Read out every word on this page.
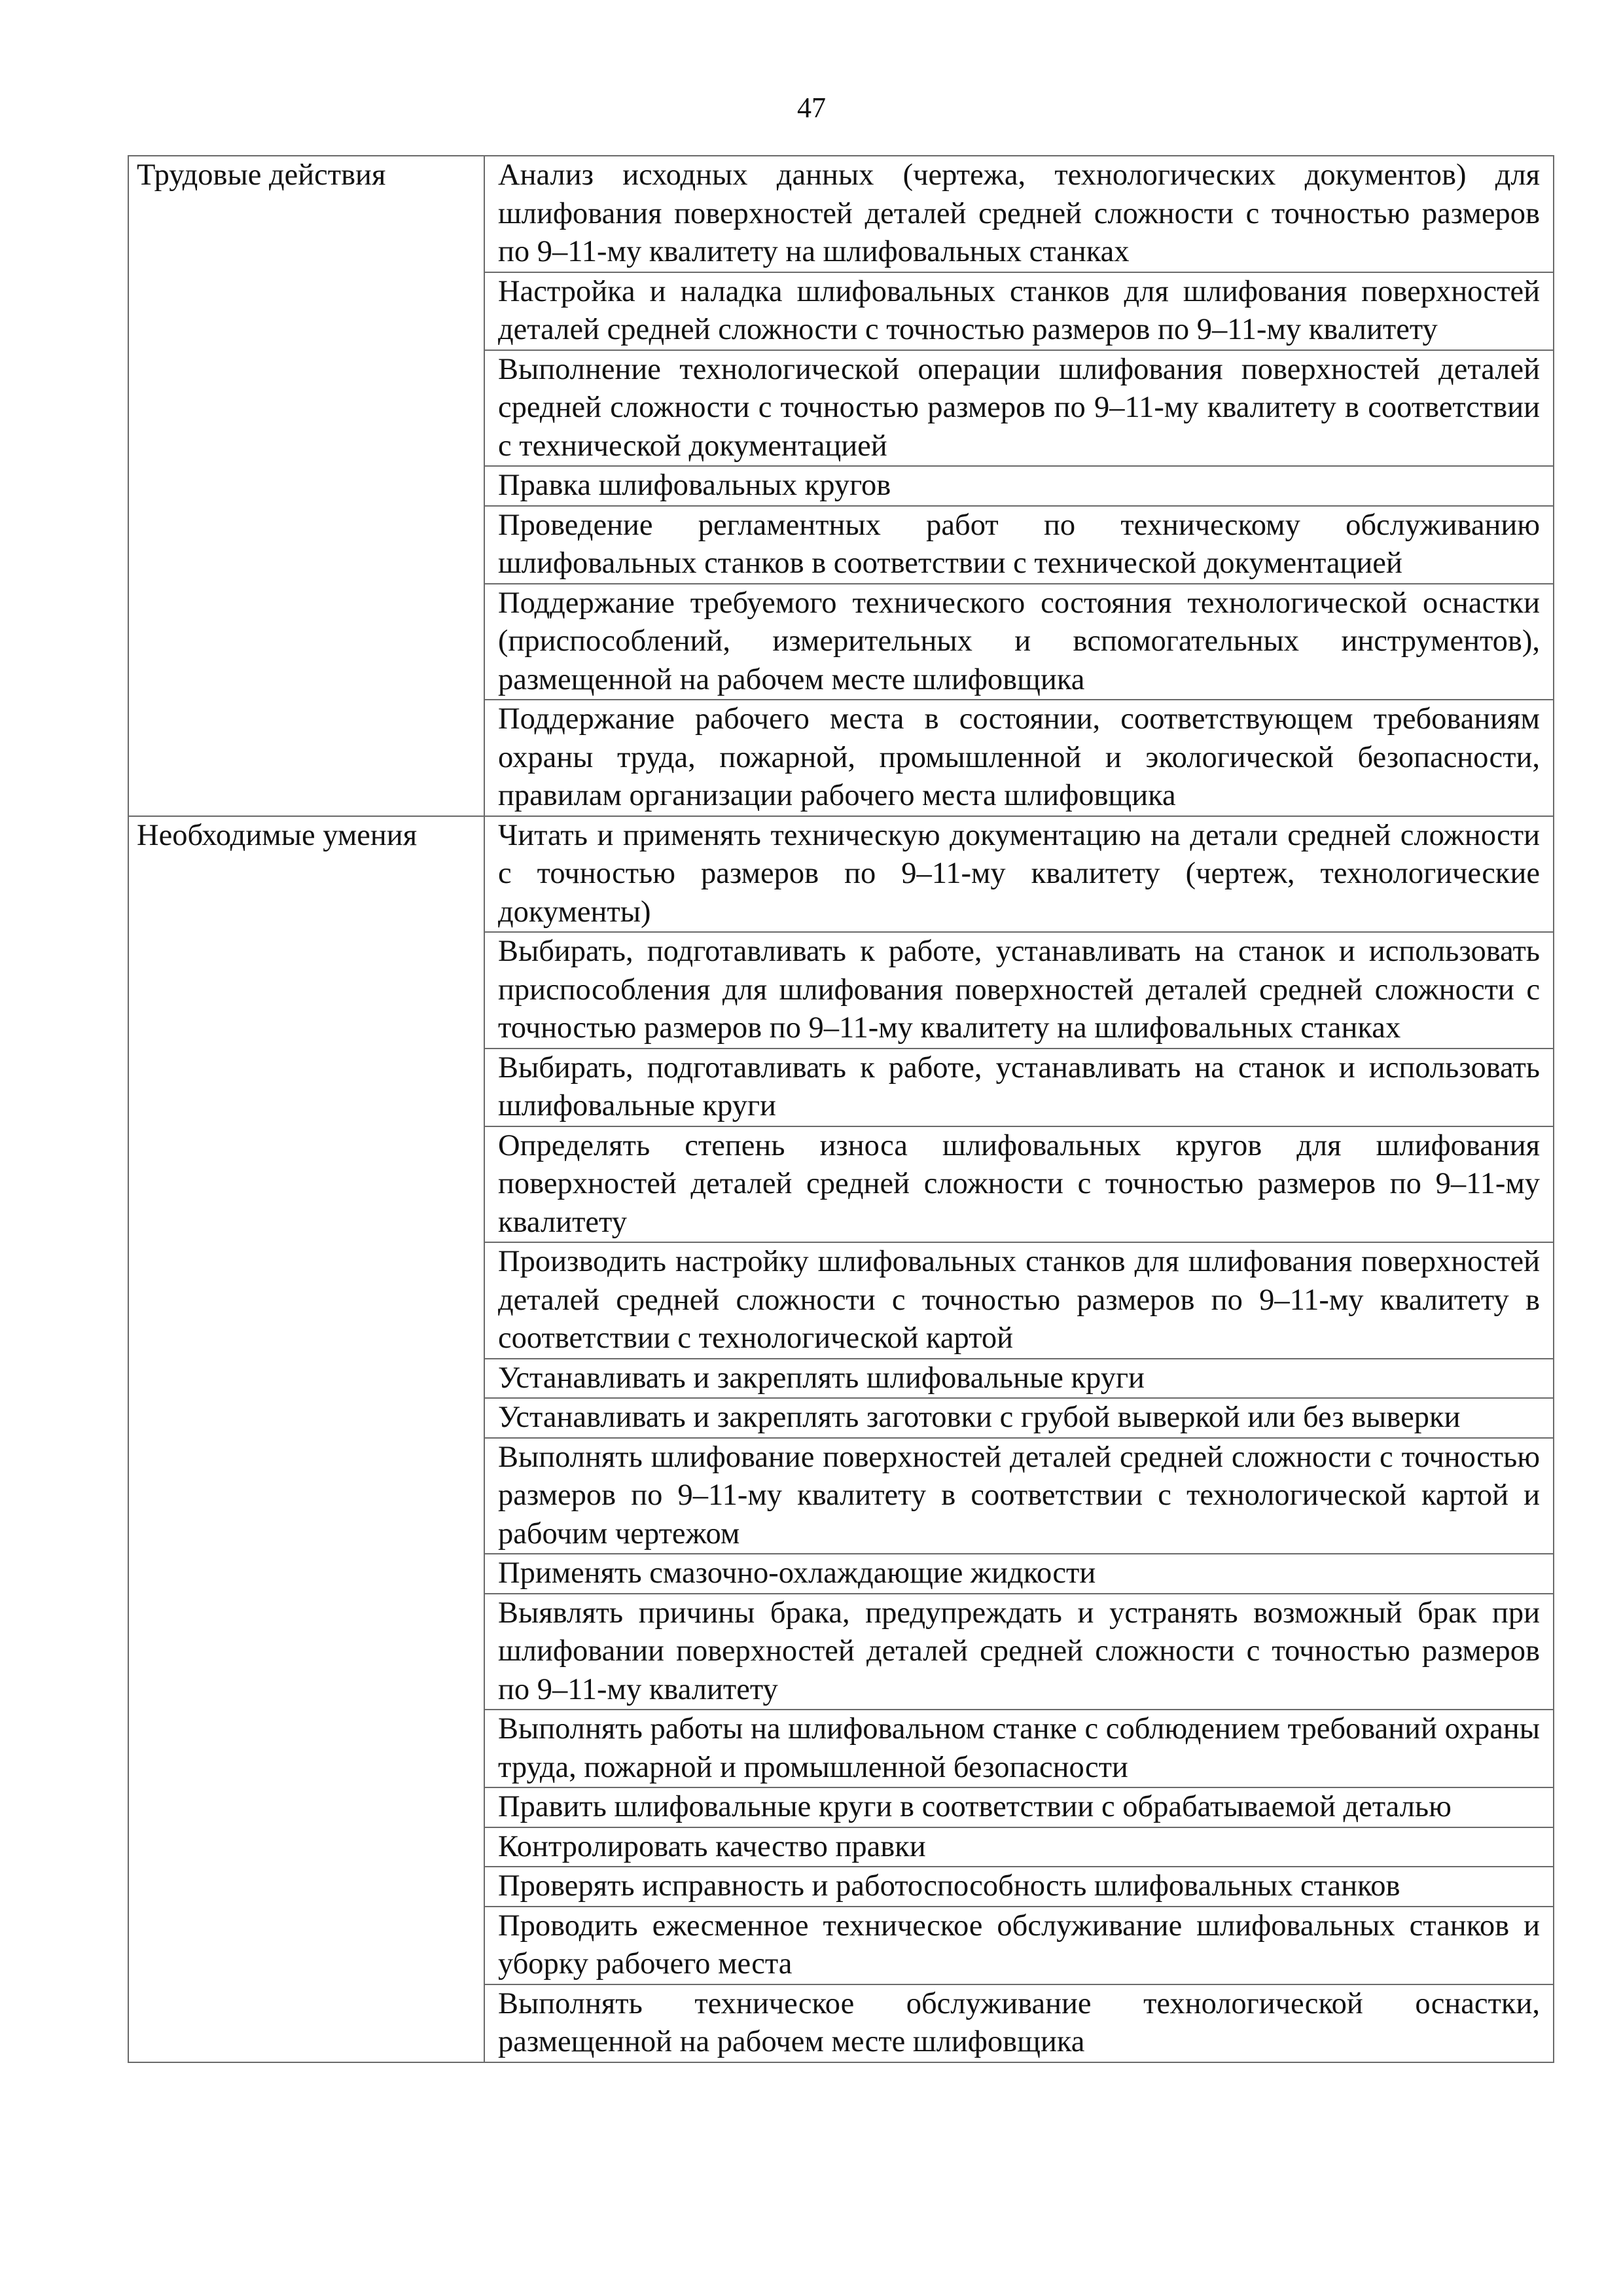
47
Трудовые действия	Анализ исходных данных (чертежа, технологических документов) для шлифования поверхностей деталей средней сложности с точностью размеров по 9–11-му квалитету на шлифовальных станках
	Настройка и наладка шлифовальных станков для шлифования поверхностей деталей средней сложности с точностью размеров по 9–11-му квалитету
	Выполнение технологической операции шлифования поверхностей деталей средней сложности с точностью размеров по 9–11-му квалитету в соответствии с технической документацией
	Правка шлифовальных кругов
	Проведение регламентных работ по техническому обслуживанию шлифовальных станков в соответствии с технической документацией
	Поддержание требуемого технического состояния технологической оснастки (приспособлений, измерительных и вспомогательных инструментов), размещенной на рабочем месте шлифовщика
	Поддержание рабочего места в состоянии, соответствующем требованиям охраны труда, пожарной, промышленной и экологической безопасности, правилам организации рабочего места шлифовщика
Необходимые умения	Читать и применять техническую документацию на детали средней сложности с точностью размеров по 9–11-му квалитету (чертеж, технологические документы)
	Выбирать, подготавливать к работе, устанавливать на станок и использовать приспособления для шлифования поверхностей деталей средней сложности с точностью размеров по 9–11-му квалитету на шлифовальных станках
	Выбирать, подготавливать к работе, устанавливать на станок и использовать шлифовальные круги
	Определять степень износа шлифовальных кругов для шлифования поверхностей деталей средней сложности с точностью размеров по 9–11-му квалитету
	Производить настройку шлифовальных станков для шлифования поверхностей деталей средней сложности с точностью размеров по 9–11-му квалитету в соответствии с технологической картой
	Устанавливать и закреплять шлифовальные круги
	Устанавливать и закреплять заготовки с грубой выверкой или без выверки
	Выполнять шлифование поверхностей деталей средней сложности с точностью размеров по 9–11-му квалитету в соответствии с технологической картой и рабочим чертежом
	Применять смазочно-охлаждающие жидкости
	Выявлять причины брака, предупреждать и устранять возможный брак при шлифовании поверхностей деталей средней сложности с точностью размеров по 9–11-му квалитету
	Выполнять работы на шлифовальном станке с соблюдением требований охраны труда, пожарной и промышленной безопасности
	Править шлифовальные круги в соответствии с обрабатываемой деталью
	Контролировать качество правки
	Проверять исправность и работоспособность шлифовальных станков
	Проводить ежесменное техническое обслуживание шлифовальных станков и уборку рабочего места
	Выполнять техническое обслуживание технологической оснастки, размещенной на рабочем месте шлифовщика
